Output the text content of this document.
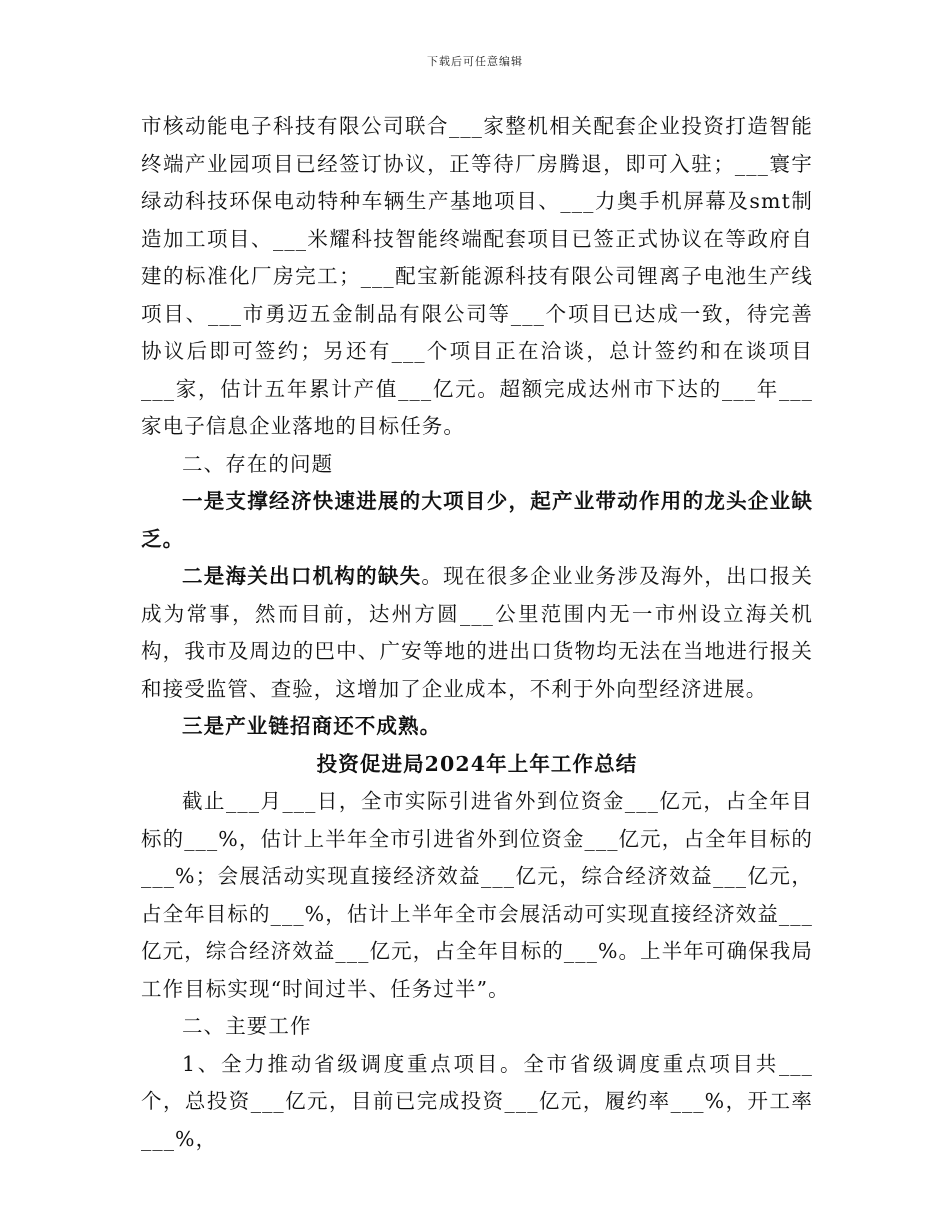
下载后可任意编辑

市核动能电子科技有限公司联合___家整机相关配套企业投资打造智能终端产业园项目已经签订协议，正等待厂房腾退，即可入驻；___寰宇绿动科技环保电动特种车辆生产基地项目、___力奥手机屏幕及smt制造加工项目、___米耀科技智能终端配套项目已签正式协议在等政府自建的标准化厂房完工；___配宝新能源科技有限公司锂离子电池生产线项目、___市勇迈五金制品有限公司等___个项目已达成一致，待完善协议后即可签约；另还有___个项目正在洽谈，总计签约和在谈项目___家，估计五年累计产值___亿元。超额完成达州市下达的___年___家电子信息企业落地的目标任务。

二、存在的问题

一是支撑经济快速进展的大项目少，起产业带动作用的龙头企业缺乏。

二是海关出口机构的缺失。现在很多企业业务涉及海外，出口报关成为常事，然而目前，达州方圆___公里范围内无一市州设立海关机构，我市及周边的巴中、广安等地的进出口货物均无法在当地进行报关和接受监管、查验，这增加了企业成本，不利于外向型经济进展。

三是产业链招商还不成熟。

投资促进局2024年上年工作总结

截止___月___日，全市实际引进省外到位资金___亿元，占全年目标的___%，估计上半年全市引进省外到位资金___亿元，占全年目标的___%；会展活动实现直接经济效益___亿元，综合经济效益___亿元，占全年目标的___%，估计上半年全市会展活动可实现直接经济效益___亿元，综合经济效益___亿元，占全年目标的___%。上半年可确保我局工作目标实现“时间过半、任务过半”。

二、主要工作

1、全力推动省级调度重点项目。全市省级调度重点项目共___个，总投资___亿元，目前已完成投资___亿元，履约率___%，开工率___%，
